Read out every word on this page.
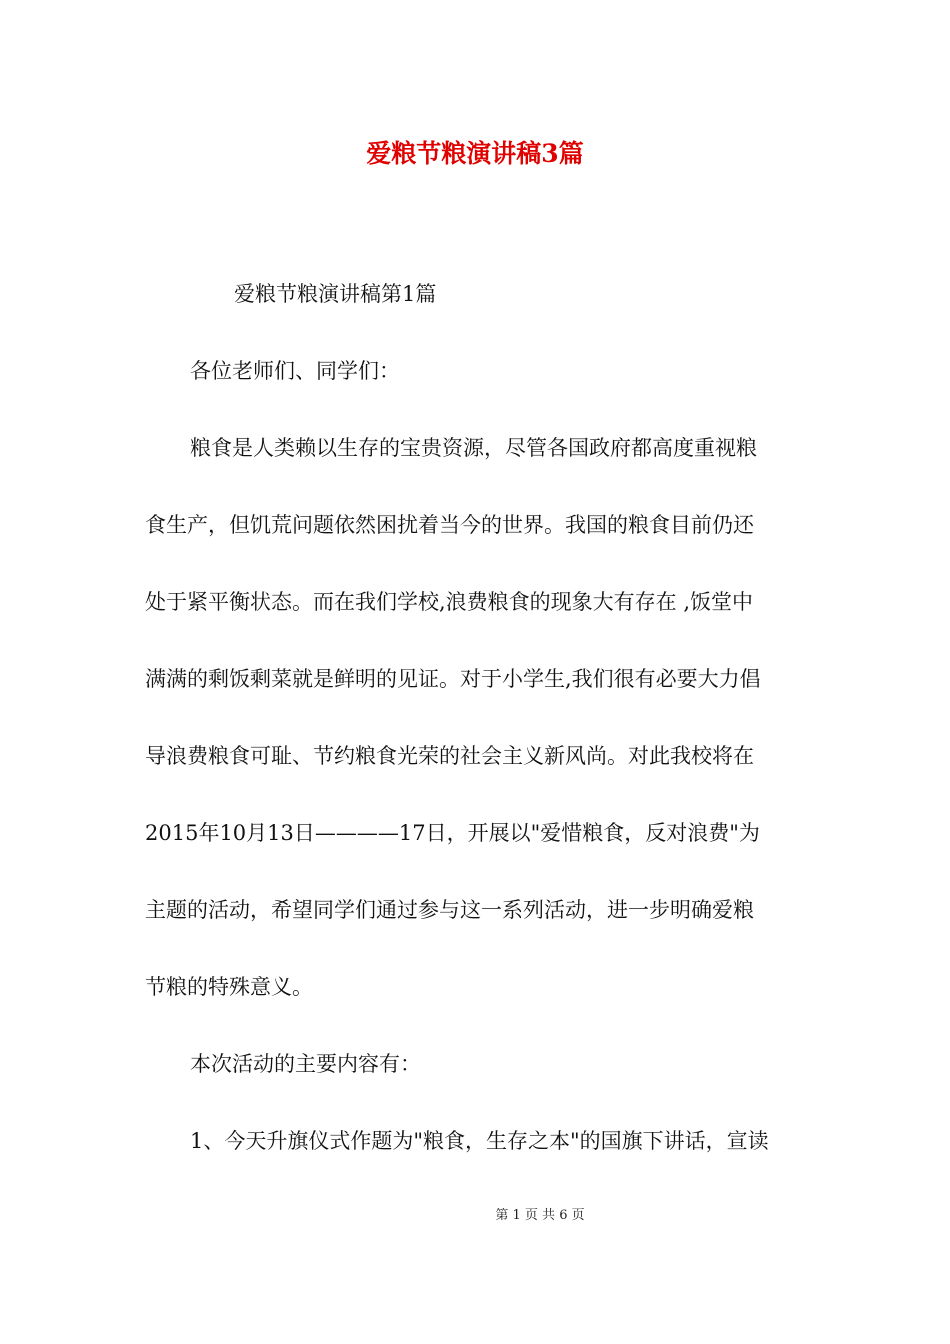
爱粮节粮演讲稿3篇

爱粮节粮演讲稿第1篇

各位老师们、同学们：

粮食是人类赖以生存的宝贵资源，尽管各国政府都高度重视粮

食生产，但饥荒问题依然困扰着当今的世界。我国的粮食目前仍还

处于紧平衡状态。而在我们学校,浪费粮食的现象大有存在 ,饭堂中

满满的剩饭剩菜就是鲜明的见证。对于小学生,我们很有必要大力倡

导浪费粮食可耻、节约粮食光荣的社会主义新风尚。对此我校将在

2015年10月13日————17日，开展以"爱惜粮食，反对浪费"为

主题的活动，希望同学们通过参与这一系列活动，进一步明确爱粮

节粮的特殊意义。

本次活动的主要内容有：

1、今天升旗仪式作题为"粮食，生存之本"的国旗下讲话，宣读

第 1 页 共 6 页
